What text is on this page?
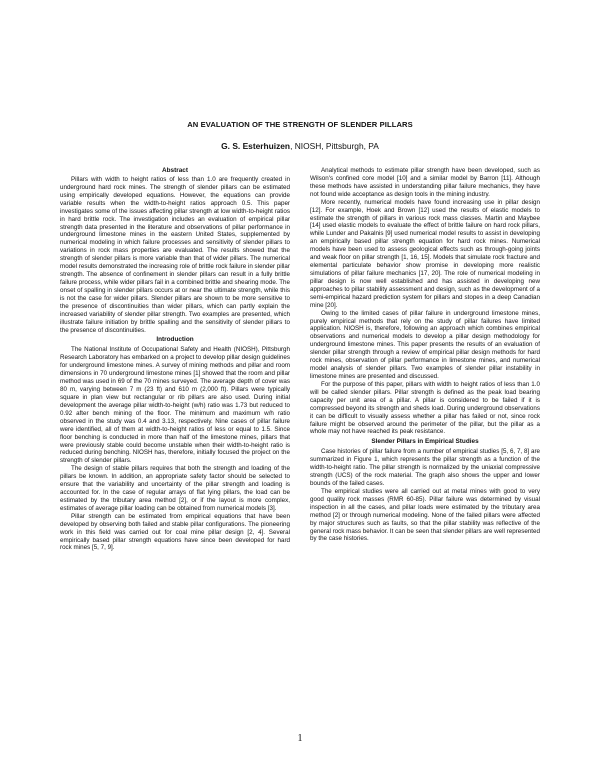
AN EVALUATION OF THE STRENGTH OF SLENDER PILLARS
G. S. Esterhuizen, NIOSH, Pittsburgh, PA
Abstract

Pillars with width to height ratios of less than 1.0 are frequently created in underground hard rock mines. The strength of slender pillars can be estimated using empirically developed equations. However, the equations can provide variable results when the width-to-height ratios approach 0.5. This paper investigates some of the issues affecting pillar strength at low width-to-height ratios in hard brittle rock. The investigation includes an evaluation of empirical pillar strength data presented in the literature and observations of pillar performance in underground limestone mines in the eastern United States, supplemented by numerical modeling in which failure processes and sensitivity of slender pillars to variations in rock mass properties are evaluated. The results showed that the strength of slender pillars is more variable than that of wider pillars. The numerical model results demonstrated the increasing role of brittle rock failure in slender pillar strength. The absence of confinement in slender pillars can result in a fully brittle failure process, while wider pillars fail in a combined brittle and shearing mode. The onset of spalling in slender pillars occurs at or near the ultimate strength, while this is not the case for wider pillars. Slender pillars are shown to be more sensitive to the presence of discontinuities than wider pillars, which can partly explain the increased variability of slender pillar strength. Two examples are presented, which illustrate failure initiation by brittle spalling and the sensitivity of slender pillars to the presence of discontinuities.

Introduction

The National Institute of Occupational Safety and Health (NIOSH), Pittsburgh Research Laboratory has embarked on a project to develop pillar design guidelines for underground limestone mines. A survey of mining methods and pillar and room dimensions in 70 underground limestone mines [1] showed that the room and pillar method was used in 69 of the 70 mines surveyed. The average depth of cover was 80 m, varying between 7 m (23 ft) and 610 m (2,000 ft). Pillars were typically square in plan view but rectangular or rib pillars are also used. During initial development the average pillar width-to-height (w/h) ratio was 1.73 but reduced to 0.92 after bench mining of the floor. The minimum and maximum w/h ratio observed in the study was 0.4 and 3.13, respectively. Nine cases of pillar failure were identified, all of them at width-to-height ratios of less or equal to 1.5. Since floor benching is conducted in more than half of the limestone mines, pillars that were previously stable could become unstable when their width-to-height ratio is reduced during benching. NIOSH has, therefore, initially focused the project on the strength of slender pillars.

The design of stable pillars requires that both the strength and loading of the pillars be known. In addition, an appropriate safety factor should be selected to ensure that the variability and uncertainty of the pillar strength and loading is accounted for. In the case of regular arrays of flat lying pillars, the load can be estimated by the tributary area method [2], or if the layout is more complex, estimates of average pillar loading can be obtained from numerical models [3].

Pillar strength can be estimated from empirical equations that have been developed by observing both failed and stable pillar configurations. The pioneering work in this field was carried out for coal mine pillar design [2, 4]. Several empirically based pillar strength equations have since been developed for hard rock mines [5, 7, 9].

Analytical methods to estimate pillar strength have been developed, such as Wilson's confined core model [10] and a similar model by Barron [11]. Although these methods have assisted in understanding pillar failure mechanics, they have not found wide acceptance as design tools in the mining industry.

More recently, numerical models have found increasing use in pillar design [12]. For example, Hoek and Brown [12] used the results of elastic models to estimate the strength of pillars in various rock mass classes. Martin and Maybee [14] used elastic models to evaluate the effect of brittle failure on hard rock pillars, while Lunder and Pakalnis [9] used numerical model results to assist in developing an empirically based pillar strength equation for hard rock mines. Numerical models have been used to assess geological effects such as through-going joints and weak floor on pillar strength [1, 16, 15]. Models that simulate rock fracture and elemental particulate behavior show promise in developing more realistic simulations of pillar failure mechanics [17, 20]. The role of numerical modeling in pillar design is now well established and has assisted in developing new approaches to pillar stability assessment and design, such as the development of a semi-empirical hazard prediction system for pillars and stopes in a deep Canadian mine [20].

Owing to the limited cases of pillar failure in underground limestone mines, purely empirical methods that rely on the study of pillar failures have limited application. NIOSH is, therefore, following an approach which combines empirical observations and numerical models to develop a pillar design methodology for underground limestone mines. This paper presents the results of an evaluation of slender pillar strength through a review of empirical pillar design methods for hard rock mines, observation of pillar performance in limestone mines, and numerical model analysis of slender pillars. Two examples of slender pillar instability in limestone mines are presented and discussed.

For the purpose of this paper, pillars with width to height ratios of less than 1.0 will be called slender pillars. Pillar strength is defined as the peak load bearing capacity per unit area of a pillar. A pillar is considered to be failed if it is compressed beyond its strength and sheds load. During underground observations it can be difficult to visually assess whether a pillar has failed or not, since rock failure might be observed around the perimeter of the pillar, but the pillar as a whole may not have reached its peak resistance.

Slender Pillars in Empirical Studies

Case histories of pillar failure from a number of empirical studies [5, 6, 7, 8] are summarized in Figure 1, which represents the pillar strength as a function of the width-to-height ratio. The pillar strength is normalized by the uniaxial compressive strength (UCS) of the rock material. The graph also shows the upper and lower bounds of the failed cases.

The empirical studies were all carried out at metal mines with good to very good quality rock masses (RMR 60-85). Pillar failure was determined by visual inspection in all the cases, and pillar loads were estimated by the tributary area method [2] or through numerical modeling. None of the failed pillars were affected by major structures such as faults, so that the pillar stability was reflective of the general rock mass behavior. It can be seen that slender pillars are well represented by the case histories.

1
